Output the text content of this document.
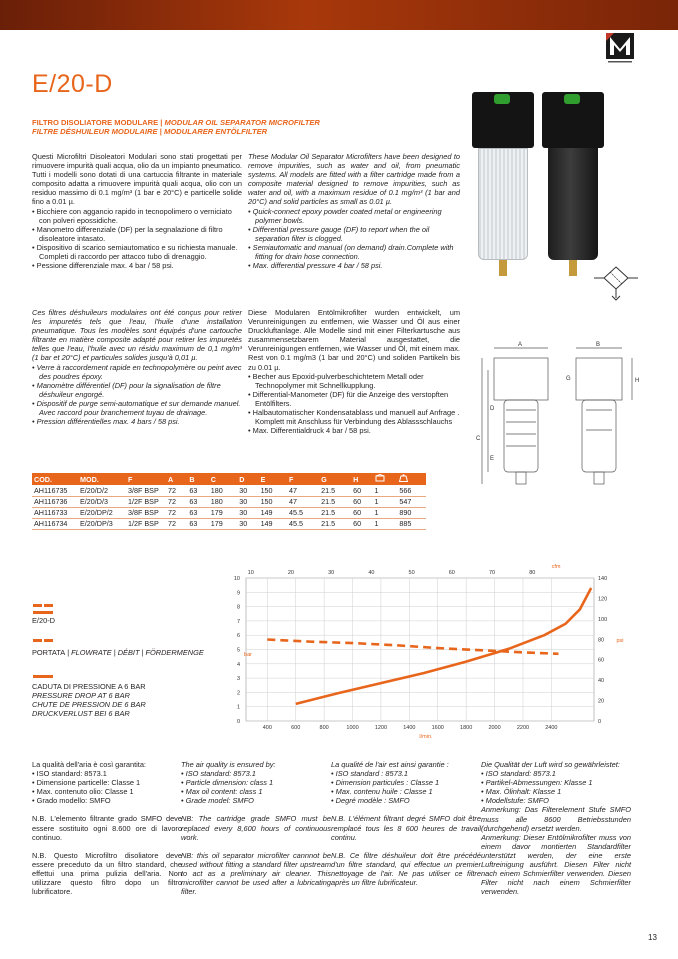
E/20-D
FILTRO DISOLIATORE MODULARE | MODULAR OIL SEPARATOR MICROFILTER
FILTRE DÉSHUILEUR MODULAIRE | MODULARER ENTÖLFILTER

Questi Microfiltri Disoleatori Modulari sono stati progettati per rimuovere impurità quali acqua, olio da un impianto pneumatico. Tutti i modelli sono dotati di una cartuccia filtrante in materiale composito adatta a rimuovere impurità quali acqua, olio con un residuo massimo di 0.1 mg/m³ (1 bar e 20°C) e particelle solide fino a 0.01 µ.

• Bicchiere con aggancio rapido in tecnopolimero o verniciato con polveri epossidiche.
• Manometro differenziale (DF) per la segnalazione di filtro disoleatore intasato.
• Dispositivo di scarico semiautomatico e su richiesta manuale. Completi di raccordo per attacco tubo di drenaggio.
• Pessione differenziale max. 4 bar / 58 psi.

These Modular Oil Separator Microfilters have been designed to remove impurities, such as water and oil, from pneumatic systems. All models are fitted with a filter cartridge made from a composite material designed to remove impurities, such as water and oil, with a maximum residue of 0.1 mg/m³ (1 bar and 20°C) and solid particles as small as 0.01 µ.

• Quick-connect epoxy powder coated metal or engineering polymer bowls.
• Differential pressure gauge (DF) to report when the oil separation filter is clogged.
• Semiautomatic and manual (on demand) drain.Complete with fitting for drain hose connection.
• Max. differential pressure 4 bar / 58 psi.

Ces filtres déshuileurs modulaires ont été conçus pour retirer les impuretés tels que l'eau, l'huile d'une installation pneumatique. Tous les modèles sont équipés d'une cartouche filtrante en matière composite adapté pour retirer les impuretés telles que l'eau, l'huile avec un résidu maximum de 0,1 mg/m³ (1 bar et 20°C) et particules solides jusqu'à 0,01 µ.

• Verre à raccordement rapide en technopolymère ou peint avec des poudres époxy.
• Manomètre différentiel (DF) pour la signalisation de filtre déshuileur engorgé.
• Dispositif de purge semi-automatique et sur demande manuel. Avec raccord pour branchement tuyau de drainage.
• Pression différentielles max. 4 bars / 58 psi.

Diese Modularen Entölmikrofilter wurden entwickelt, um Verunreinigungen zu entfernen, wie Wasser und Öl aus einer Druckluftanlage. Alle Modelle sind mit einer Filterkartusche aus zusammensetzbarem Material ausgestattet, die Verunreinigungen entfernen, wie Wasser und Öl, mit einem max. Rest von 0.1 mg/m3 (1 bar und 20°C) und soliden Partikeln bis zu 0.01 µ.

• Becher aus Epoxid-pulverbeschichtetem Metall oder Technopolymer mit Schnellkupplung.
• Differential-Manometer (DF) für die Anzeige des verstopften Entölfilters.
• Halbautomatischer Kondensatablass und manuell auf Anfrage . Komplett mit Anschluss für Verbindung des Ablassschlauchs
• Max. Differentialdruck 4 bar / 58 psi.
A	B
C
D
E
G	H
COD.	MOD.	F	A	B	C	D	E	F	G	H		
AH116735	E/20/D/2	3/8F BSP	72	63	180	30	150	47	21.5	60	1	566
AH116736	E/20/D/3	1/2F BSP	72	63	180	30	150	47	21.5	60	1	547
AH116733	E/20/DP/2	3/8F BSP	72	63	179	30	149	45.5	21.5	60	1	890
AH116734	E/20/DP/3	1/2F BSP	72	63	179	30	149	45.5	21.5	60	1	885
E/20-D
PORTATA | FLOWRATE | DÉBIT | FÖRDERMENGE
CADUTA DI PRESSIONE A 6 BAR
PRESSURE DROP AT 6 BAR
CHUTE DE PRESSION DE 6 BAR
DRUCKVERLUST BEI 6 BAR
400	600	800	1000	1200	1400	1600	1800	2000	2200	2400
0
1
2
3
4
5
6
7
8
9
10
0
20
40
60
80
100
120
140
10	20	30	40	50	60	70	80
l/min.
cfm
bar
psi
La qualità dell'aria è così garantita:
• ISO standard: 8573.1
• Dimensione particelle: Classe 1
• Max. contenuto olio: Classe 1
• Grado modello: SMFO

N.B. L'elemento filtrante grado SMFO deve essere sostituito ogni 8.600 ore di lavoro continuo.

N.B. Questo Microfiltro disoliatore deve essere preceduto da un filtro standard, che effettui una prima pulizia dell'aria. Non utilizzare questo filtro dopo un filtro lubrificatore.

The air quality is ensured by:
• ISO standard: 8573.1
• Particle dimension: class 1
• Max oil content: class 1
• Grade model: SMFO

NB: The cartridge grade SMFO must be replaced every 8,600 hours of continuous work.

NB: this oil separator microfilter cannnot be used without fitting a standard filter upstream to act as a preliminary air cleaner. This microfilter cannot be used after a lubricating filter.

La qualité de l'air est ainsi garantie :
• ISO standard : 8573.1
• Dimension particules : Classe 1
• Max. contenu huile : Classe 1
• Degré modèle : SMFO

N.B. L'élément filtrant degré SMFO doit être remplacé tous les 8 600 heures de travail continu.

N.B. Ce filtre déshuileur doit être précédé d'un filtre standard, qui effectue un premier nettoyage de l'air. Ne pas utiliser ce filtre après un filtre lubrificateur.

Die Qualität der Luft wird so gewährleistet:
• ISO standard: 8573.1
• Partikel-Abmessungen: Klasse 1
• Max. Ölinhalt: Klasse 1
• Modellstufe: SMFO

Anmerkung: Das Filterelement Stufe SMFO muss alle 8600 Betriebsstunden (durchgehend) ersetzt werden.

Anmerkung: Dieser Entölmikrofilter muss von einem davor montierten Standardfilter unterstützt werden, der eine erste Luftreinigung ausführt. Diesen Filter nicht nach einem Schmierfilter verwenden. Diesen Filter nicht nach einem Schmierfilter verwenden.

13
